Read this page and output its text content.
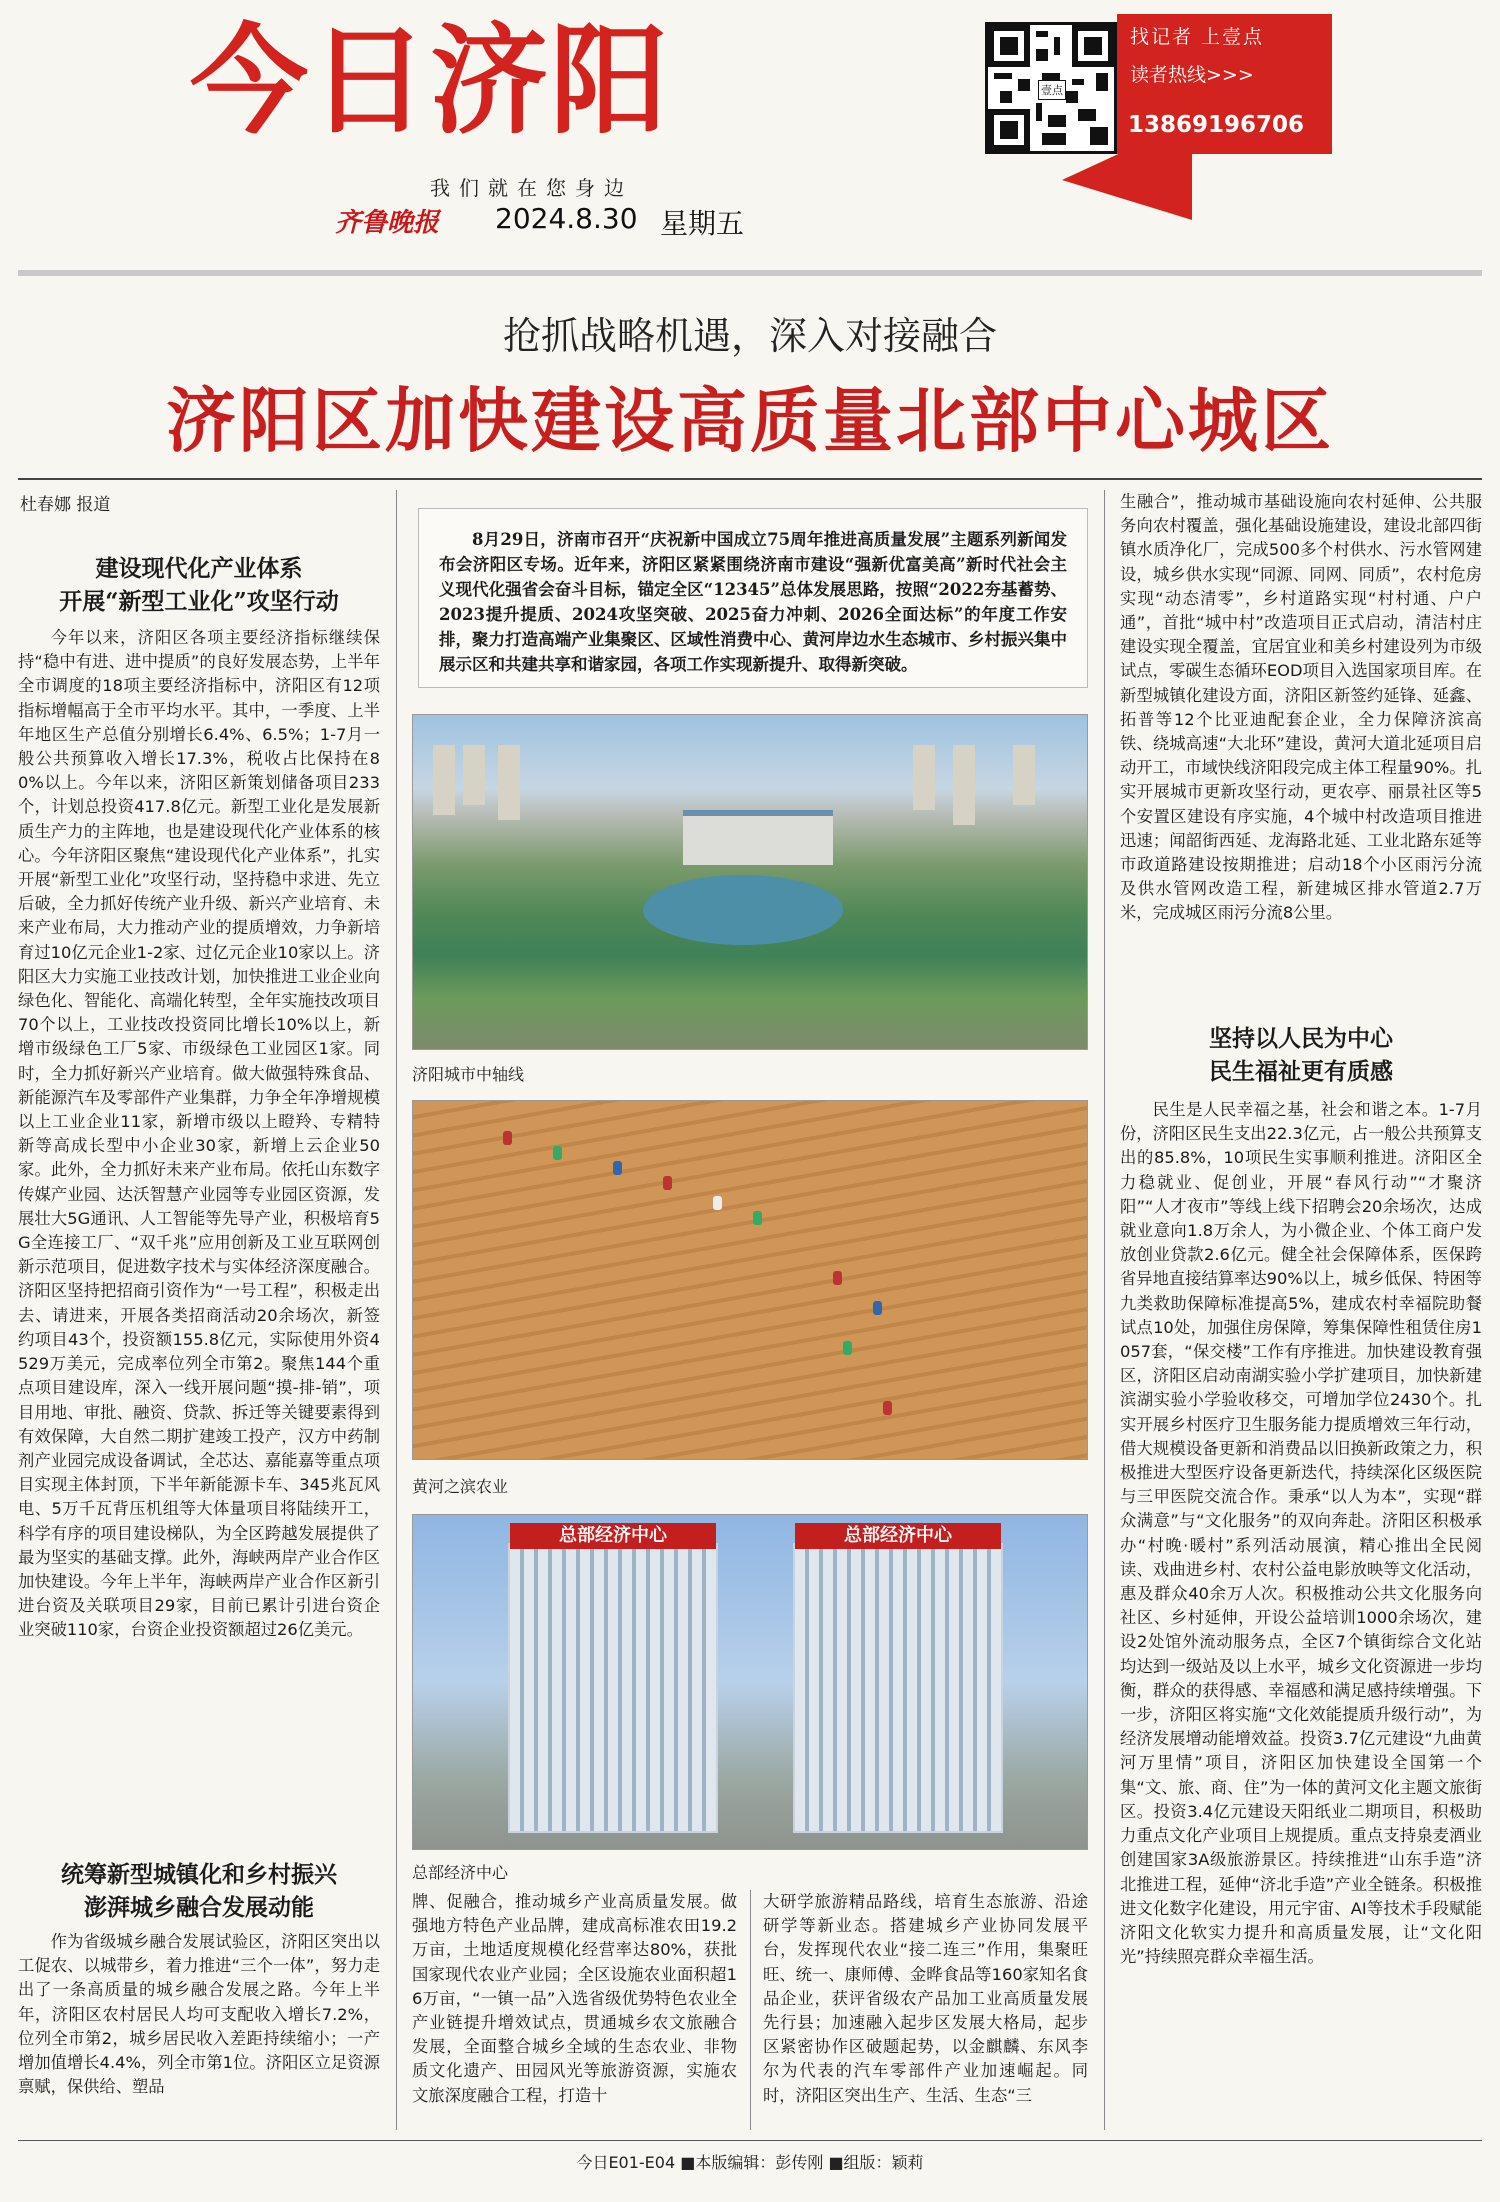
今日济阳
我们就在您身边
齐鲁晚报 2024.8.30 星期五
壹点
找记者 上壹点
读者热线>>>
13869196706
抢抓战略机遇，深入对接融合
济阳区加快建设高质量北部中心城区
杜春娜 报道
建设现代化产业体系
开展“新型工业化”攻坚行动
今年以来，济阳区各项主要经济指标继续保持“稳中有进、进中提质”的良好发展态势，上半年全市调度的18项主要经济指标中，济阳区有12项指标增幅高于全市平均水平。其中，一季度、上半年地区生产总值分别增长6.4%、6.5%；1-7月一般公共预算收入增长17.3%，税收占比保持在80%以上。今年以来，济阳区新策划储备项目233个，计划总投资417.8亿元。新型工业化是发展新质生产力的主阵地，也是建设现代化产业体系的核心。今年济阳区聚焦“建设现代化产业体系”，扎实开展“新型工业化”攻坚行动，坚持稳中求进、先立后破，全力抓好传统产业升级、新兴产业培育、未来产业布局，大力推动产业的提质增效，力争新培育过10亿元企业1-2家、过亿元企业10家以上。济阳区大力实施工业技改计划，加快推进工业企业向绿色化、智能化、高端化转型，全年实施技改项目70个以上，工业技改投资同比增长10%以上，新增市级绿色工厂5家、市级绿色工业园区1家。同时，全力抓好新兴产业培育。做大做强特殊食品、新能源汽车及零部件产业集群，力争全年净增规模以上工业企业11家，新增市级以上瞪羚、专精特新等高成长型中小企业30家，新增上云企业50家。此外，全力抓好未来产业布局。依托山东数字传媒产业园、达沃智慧产业园等专业园区资源，发展壮大5G通讯、人工智能等先导产业，积极培育5G全连接工厂、“双千兆”应用创新及工业互联网创新示范项目，促进数字技术与实体经济深度融合。济阳区坚持把招商引资作为“一号工程”，积极走出去、请进来，开展各类招商活动20余场次，新签约项目43个，投资额155.8亿元，实际使用外资4529万美元，完成率位列全市第2。聚焦144个重点项目建设库，深入一线开展问题“摸-排-销”，项目用地、审批、融资、贷款、拆迁等关键要素得到有效保障，大自然二期扩建竣工投产，汉方中药制剂产业园完成设备调试，全芯达、嘉能嘉等重点项目实现主体封顶，下半年新能源卡车、345兆瓦风电、5万千瓦背压机组等大体量项目将陆续开工，科学有序的项目建设梯队，为全区跨越发展提供了最为坚实的基础支撑。此外，海峡两岸产业合作区加快建设。今年上半年，海峡两岸产业合作区新引进台资及关联项目29家，目前已累计引进台资企业突破110家，台资企业投资额超过26亿美元。
统筹新型城镇化和乡村振兴
澎湃城乡融合发展动能
作为省级城乡融合发展试验区，济阳区突出以工促农、以城带乡，着力推进“三个一体”，努力走出了一条高质量的城乡融合发展之路。今年上半年，济阳区农村居民人均可支配收入增长7.2%，位列全市第2，城乡居民收入差距持续缩小；一产增加值增长4.4%，列全市第1位。济阳区立足资源禀赋，保供给、塑品
8月29日，济南市召开“庆祝新中国成立75周年推进高质量发展”主题系列新闻发布会济阳区专场。近年来，济阳区紧紧围绕济南市建设“强新优富美高”新时代社会主义现代化强省会奋斗目标，锚定全区“12345”总体发展思路，按照“2022夯基蓄势、2023提升提质、2024攻坚突破、2025奋力冲刺、2026全面达标”的年度工作安排，聚力打造高端产业集聚区、区域性消费中心、黄河岸边水生态城市、乡村振兴集中展示区和共建共享和谐家园，各项工作实现新提升、取得新突破。
济阳城市中轴线
黄河之滨农业
总部经济中心	总部经济中心
总部经济中心
牌、促融合，推动城乡产业高质量发展。做强地方特色产业品牌，建成高标准农田19.2万亩，土地适度规模化经营率达80%，获批国家现代农业产业园；全区设施农业面积超16万亩，“一镇一品”入选省级优势特色农业全产业链提升增效试点，贯通城乡农文旅融合发展，全面整合城乡全域的生态农业、非物质文化遗产、田园风光等旅游资源，实施农文旅深度融合工程，打造十
大研学旅游精品路线，培育生态旅游、沿途研学等新业态。搭建城乡产业协同发展平台，发挥现代农业“接二连三”作用，集聚旺旺、统一、康师傅、金晔食品等160家知名食品企业，获评省级农产品加工业高质量发展先行县；加速融入起步区发展大格局，起步区紧密协作区破题起势，以金麒麟、东风李尔为代表的汽车零部件产业加速崛起。同时，济阳区突出生产、生活、生态“三
生融合”，推动城市基础设施向农村延伸、公共服务向农村覆盖，强化基础设施建设，建设北部四街镇水质净化厂，完成500多个村供水、污水管网建设，城乡供水实现“同源、同网、同质”，农村危房实现“动态清零”，乡村道路实现“村村通、户户通”，首批“城中村”改造项目正式启动，清洁村庄建设实现全覆盖，宜居宜业和美乡村建设列为市级试点，零碳生态循环EOD项目入选国家项目库。在新型城镇化建设方面，济阳区新签约延锋、延鑫、拓普等12个比亚迪配套企业，全力保障济滨高铁、绕城高速“大北环”建设，黄河大道北延项目启动开工，市域快线济阳段完成主体工程量90%。扎实开展城市更新攻坚行动，更农亭、丽景社区等5个安置区建设有序实施，4个城中村改造项目推进迅速；闻韶街西延、龙海路北延、工业北路东延等市政道路建设按期推进；启动18个小区雨污分流及供水管网改造工程，新建城区排水管道2.7万米，完成城区雨污分流8公里。
坚持以人民为中心
民生福祉更有质感
民生是人民幸福之基，社会和谐之本。1-7月份，济阳区民生支出22.3亿元，占一般公共预算支出的85.8%，10项民生实事顺利推进。济阳区全力稳就业、促创业，开展“春风行动”“才聚济阳”“人才夜市”等线上线下招聘会20余场次，达成就业意向1.8万余人，为小微企业、个体工商户发放创业贷款2.6亿元。健全社会保障体系，医保跨省异地直接结算率达90%以上，城乡低保、特困等九类救助保障标准提高5%，建成农村幸福院助餐试点10处，加强住房保障，筹集保障性租赁住房1057套，“保交楼”工作有序推进。加快建设教育强区，济阳区启动南湖实验小学扩建项目，加快新建滨湖实验小学验收移交，可增加学位2430个。扎实开展乡村医疗卫生服务能力提质增效三年行动，借大规模设备更新和消费品以旧换新政策之力，积极推进大型医疗设备更新迭代，持续深化区级医院与三甲医院交流合作。秉承“以人为本”，实现“群众满意”与“文化服务”的双向奔赴。济阳区积极承办“村晚·暖村”系列活动展演，精心推出全民阅读、戏曲进乡村、农村公益电影放映等文化活动，惠及群众40余万人次。积极推动公共文化服务向社区、乡村延伸，开设公益培训1000余场次，建设2处馆外流动服务点，全区7个镇街综合文化站均达到一级站及以上水平，城乡文化资源进一步均衡，群众的获得感、幸福感和满足感持续增强。下一步，济阳区将实施“文化效能提质升级行动”，为经济发展增动能增效益。投资3.7亿元建设“九曲黄河万里情”项目，济阳区加快建设全国第一个集“文、旅、商、住”为一体的黄河文化主题文旅街区。投资3.4亿元建设天阳纸业二期项目，积极助力重点文化产业项目上规提质。重点支持泉麦酒业创建国家3A级旅游景区。持续推进“山东手造”济北推进工程，延伸“济北手造”产业全链条。积极推进文化数字化建设，用元宇宙、AI等技术手段赋能济阳文化软实力提升和高质量发展，让“文化阳光”持续照亮群众幸福生活。
今日E01-E04 ■本版编辑：彭传刚 ■组版：颖莉
